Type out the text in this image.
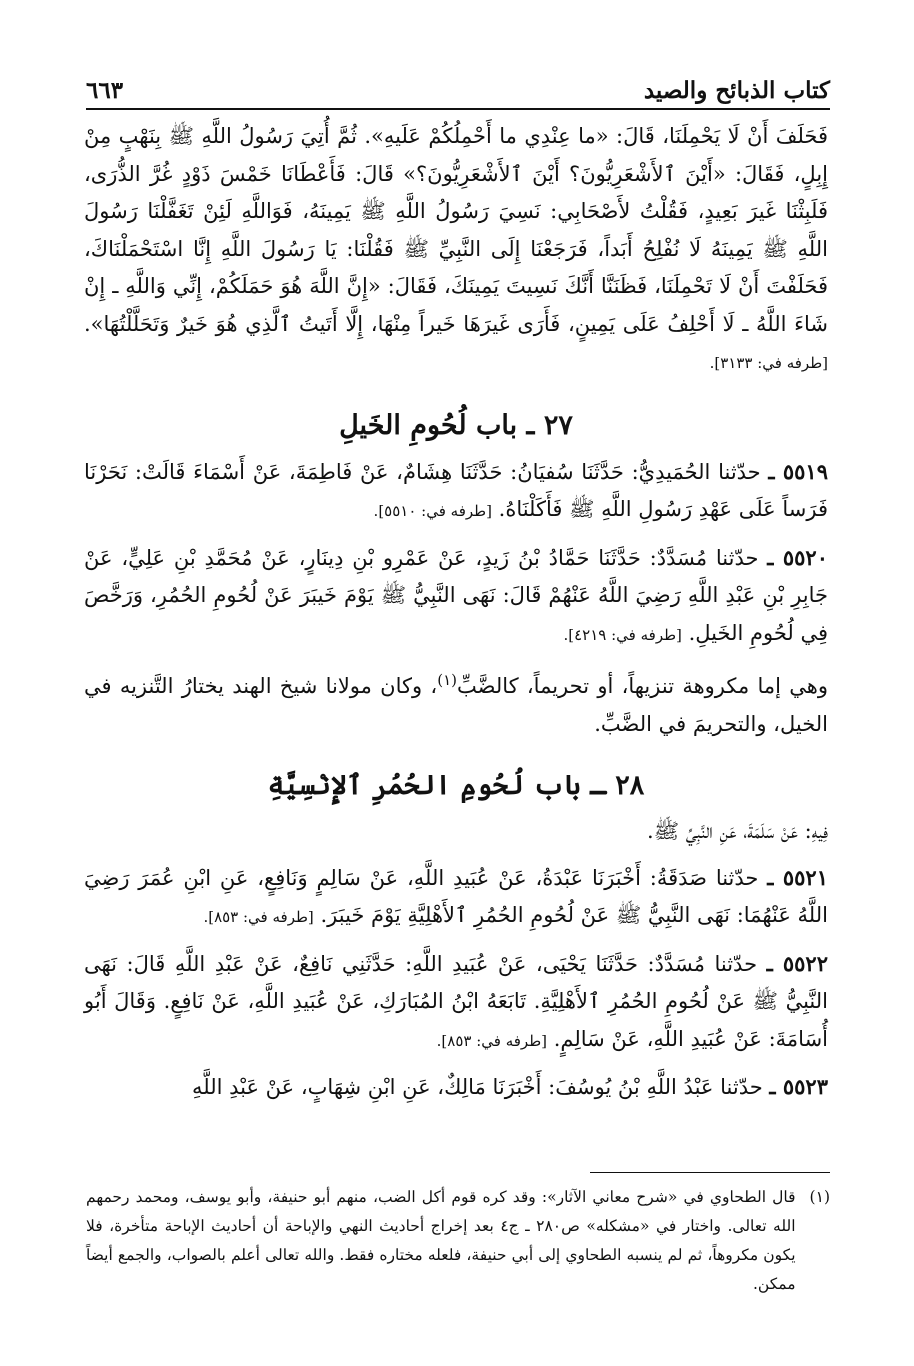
كتاب الذبائح والصيد
٦٦٣

فَحَلَفَ أَنْ لَا يَحْمِلَنَا، قَالَ: «ما عِنْدِي ما أَحْمِلُكُمْ عَلَيهِ». ثُمَّ أُتِيَ رَسُولُ اللَّهِ ﷺ بِنَهْبٍ مِنْ إِبِلٍ، فَقَالَ: «أَيْنَ ٱلأَشْعَرِيُّونَ؟ أَيْنَ ٱلأَشْعَرِيُّونَ؟» قَالَ: فَأَعْطَانَا خَمْسَ ذَوْدٍ غُرَّ الذُّرَى، فَلَبِثْنَا غَيرَ بَعِيدٍ، فَقُلْتُ لأَصْحَابِي: نَسِيَ رَسُولُ اللَّهِ ﷺ يَمِينَهُ، فَوَاللَّهِ لَئِنْ تَغَفَّلْنَا رَسُولَ اللَّهِ ﷺ يَمِينَهُ لَا نُفْلِحُ أَبَداً، فَرَجَعْنَا إِلَى النَّبِيِّ ﷺ فَقُلْنَا: يَا رَسُولَ اللَّهِ إِنَّا اسْتَحْمَلْنَاكَ، فَحَلَفْتَ أَنْ لَا تَحْمِلَنَا، فَظَنَنَّا أَنَّكَ نَسِيتَ يَمِينَكَ، فَقَالَ: «إِنَّ اللَّهَ هُوَ حَمَلَكُمْ، إِنِّي وَاللَّهِ ـ إِنْ شَاءَ اللَّهُ ـ لَا أَحْلِفُ عَلَى يَمِينٍ، فَأَرَى غَيرَهَا خَيراً مِنْهَا، إِلَّا أَتَيتُ ٱلَّذِي هُوَ خَيرٌ وَتَحَلَّلْتُهَا». [طرفه في: ٣١٣٣].

٢٧ ـ باب لُحُومِ الخَيلِ

٥٥١٩ ـ حدّثنا الحُمَيدِيُّ: حَدَّثَنَا سُفيَانُ: حَدَّثَنَا هِشَامٌ، عَنْ فَاطِمَةَ، عَنْ أَسْمَاءَ قَالَتْ: نَحَرْنَا فَرَساً عَلَى عَهْدِ رَسُولِ اللَّهِ ﷺ فَأَكَلْنَاهُ. [طرفه في: ٥٥١٠].

٥٥٢٠ ـ حدّثنا مُسَدَّدٌ: حَدَّثَنَا حَمَّادُ بْنُ زَيدٍ، عَنْ عَمْرِو بْنِ دِينَارٍ، عَنْ مُحَمَّدِ بْنِ عَلِيٍّ، عَنْ جَابِرِ بْنِ عَبْدِ اللَّهِ رَضِيَ اللَّهُ عَنْهُمْ قَالَ: نَهَى النَّبِيُّ ﷺ يَوْمَ خَيبَرَ عَنْ لُحُومِ الحُمُرِ، وَرَخَّصَ فِي لُحُومِ الخَيلِ. [طرفه في: ٤٢١٩].

وهي إما مكروهة تنزيهاً، أو تحريماً، كالضَّبِّ$^{(١)}$، وكان مولانا شيخ الهند يختارُ التَّنزيه في الخيل، والتحريمَ في الضَّبِّ.

٢٨ ـ باب لُحُومِ الحُمُرِ ٱلإِنْسِيَّةِ

فِيهِ: عَنْ سَلَمَةَ، عَنِ النَّبِيِّ ﷺ.

٥٥٢١ ـ حدّثنا صَدَقَةُ: أَخْبَرَنَا عَبْدَةُ، عَنْ عُبَيدِ اللَّهِ، عَنْ سَالِمٍ وَنَافِعٍ، عَنِ ابْنِ عُمَرَ رَضِيَ اللَّهُ عَنْهُمَا: نَهَى النَّبِيُّ ﷺ عَنْ لُحُومِ الحُمُرِ ٱلأَهْلِيَّةِ يَوْمَ خَيبَرَ. [طرفه في: ٨٥٣].

٥٥٢٢ ـ حدّثنا مُسَدَّدٌ: حَدَّثَنَا يَحْيَى، عَنْ عُبَيدِ اللَّهِ: حَدَّثَنِي نَافِعٌ، عَنْ عَبْدِ اللَّهِ قَالَ: نَهَى النَّبِيُّ ﷺ عَنْ لُحُومِ الحُمُرِ ٱلأَهْلِيَّةِ. تَابَعَهُ ابْنُ المُبَارَكِ، عَنْ عُبَيدِ اللَّهِ، عَنْ نَافِعٍ. وَقَالَ أَبُو أُسَامَةَ: عَنْ عُبَيدِ اللَّهِ، عَنْ سَالِمٍ. [طرفه في: ٨٥٣].

٥٥٢٣ ـ حدّثنا عَبْدُ اللَّهِ بْنُ يُوسُفَ: أَخْبَرَنَا مَالِكٌ، عَنِ ابْنِ شِهَابٍ، عَنْ عَبْدِ اللَّهِ

(١)
قال الطحاوي في «شرح معاني الآثار»: وقد كره قوم أكل الضب، منهم أبو حنيفة، وأبو يوسف، ومحمد رحمهم الله تعالى. واختار في «مشكله» ص٢٨٠ ـ ج٤ بعد إخراج أحاديث النهي والإباحة أن أحاديث الإباحة متأخرة، فلا يكون مكروهاً، ثم لم ينسبه الطحاوي إلى أبي حنيفة، فلعله مختاره فقط. والله تعالى أعلم بالصواب، والجمع أيضاً ممكن.
